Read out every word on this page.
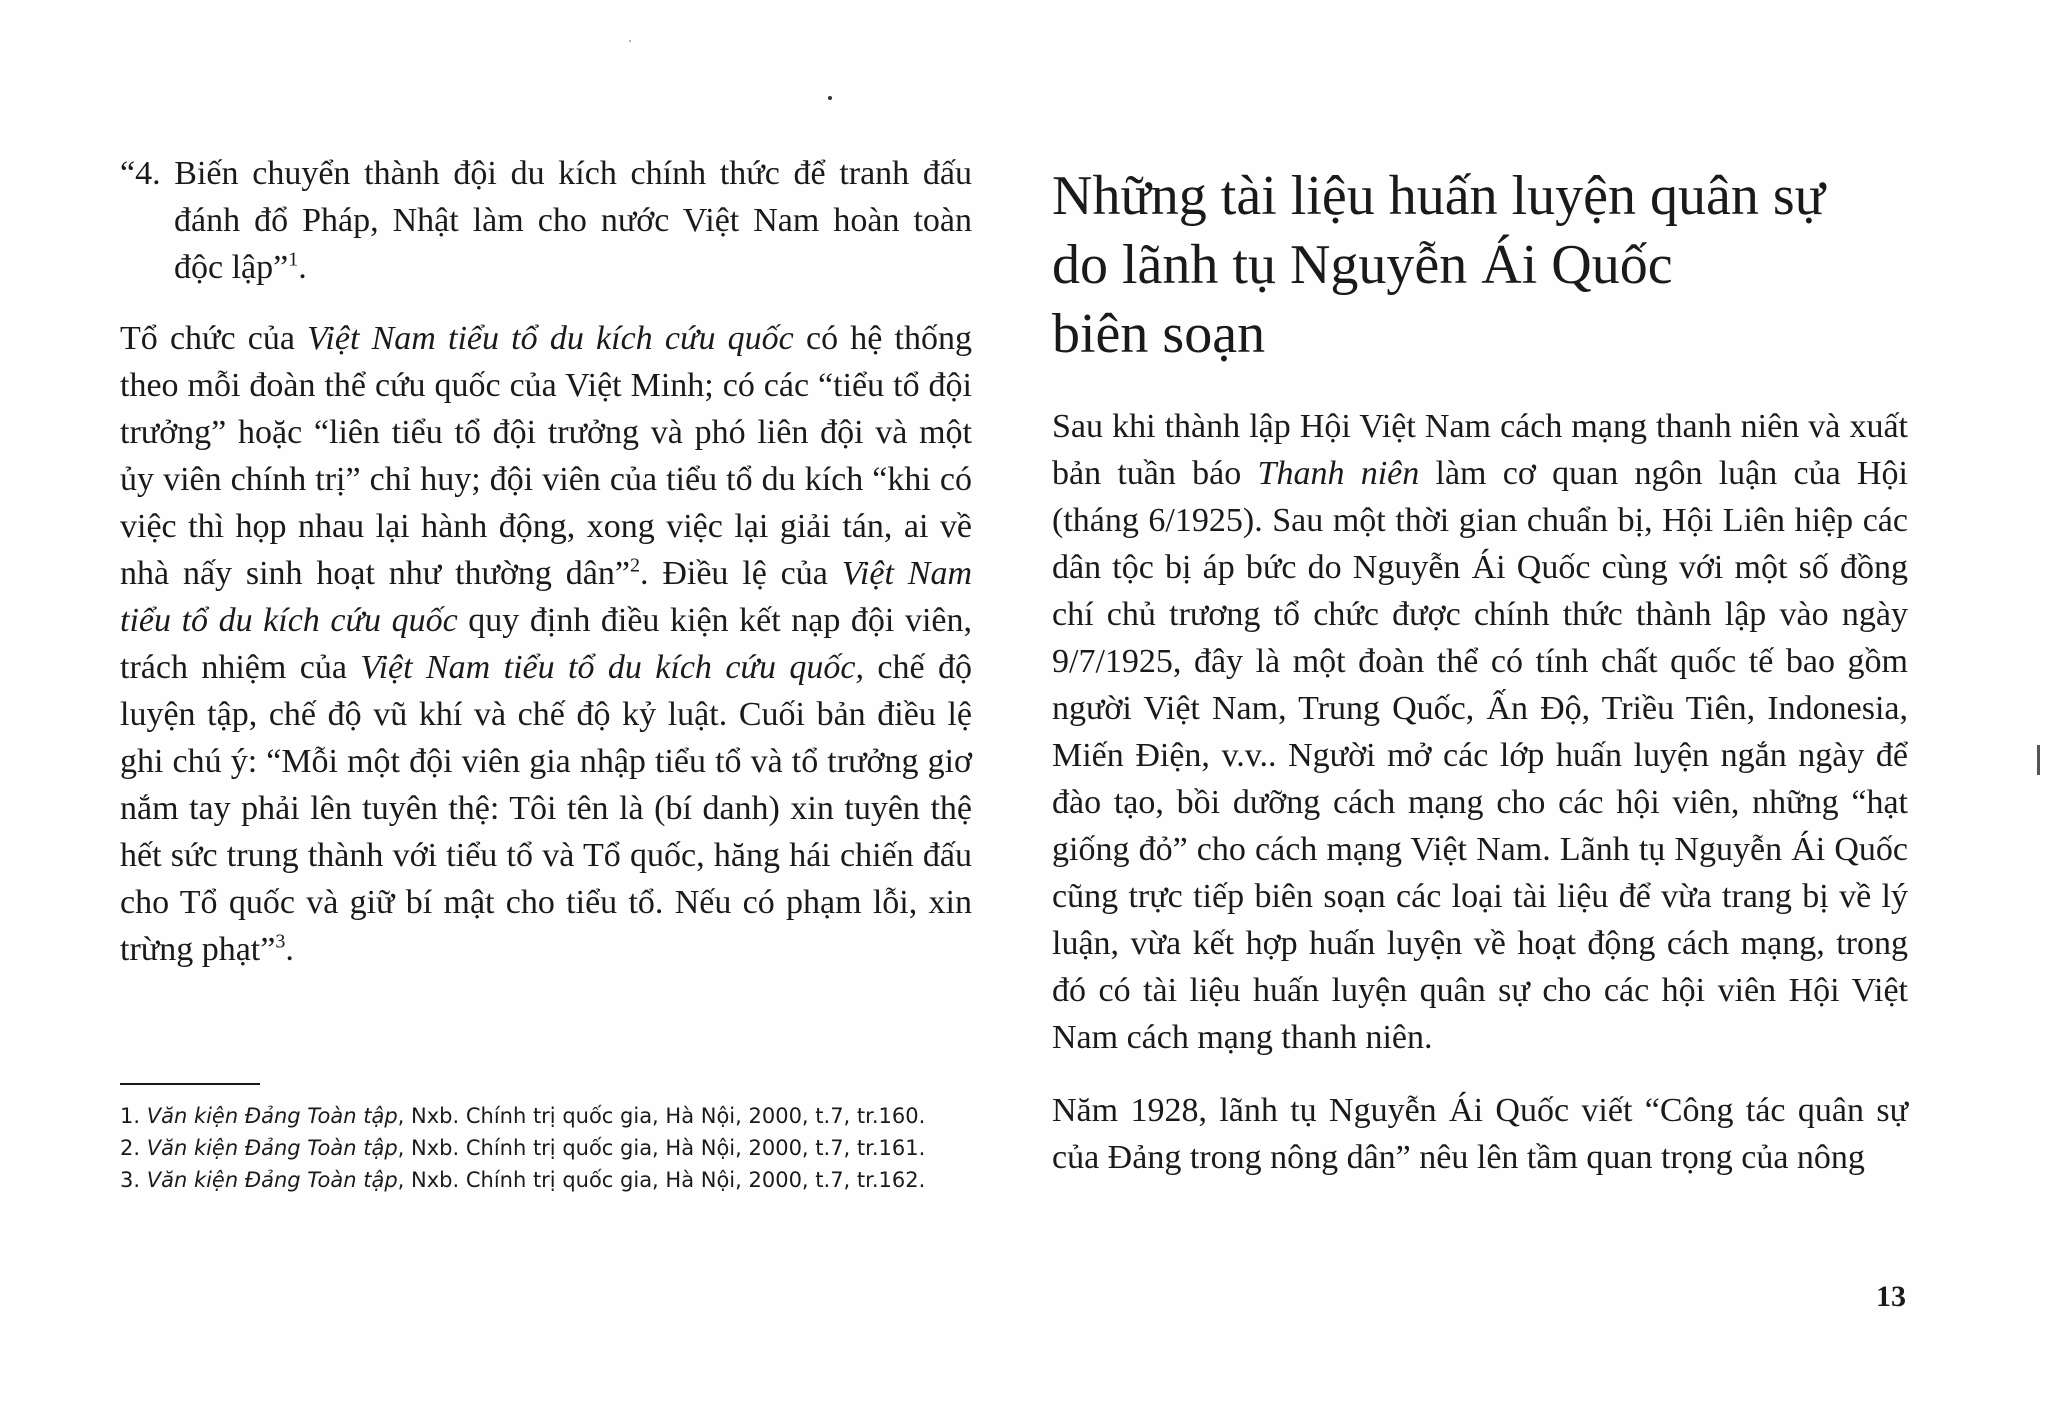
“4. Biến chuyển thành đội du kích chính thức để tranh đấu đánh đổ Pháp, Nhật làm cho nước Việt Nam hoàn toàn độc lập”$^1$.

Tổ chức của Việt Nam tiểu tổ du kích cứu quốc có hệ thống theo mỗi đoàn thể cứu quốc của Việt Minh; có các “tiểu tổ đội trưởng” hoặc “liên tiểu tổ đội trưởng và phó liên đội và một ủy viên chính trị” chỉ huy; đội viên của tiểu tổ du kích “khi có việc thì họp nhau lại hành động, xong việc lại giải tán, ai về nhà nấy sinh hoạt như thường dân”$^2$. Điều lệ của Việt Nam tiểu tổ du kích cứu quốc quy định điều kiện kết nạp đội viên, trách nhiệm của Việt Nam tiểu tổ du kích cứu quốc, chế độ luyện tập, chế độ vũ khí và chế độ kỷ luật. Cuối bản điều lệ ghi chú ý: “Mỗi một đội viên gia nhập tiểu tổ và tổ trưởng giơ nắm tay phải lên tuyên thệ: Tôi tên là (bí danh) xin tuyên thệ hết sức trung thành với tiểu tổ và Tổ quốc, hăng hái chiến đấu cho Tổ quốc và giữ bí mật cho tiểu tổ. Nếu có phạm lỗi, xin trừng phạt”$^3$.

1. Văn kiện Đảng Toàn tập, Nxb. Chính trị quốc gia, Hà Nội, 2000, t.7, tr.160.
2. Văn kiện Đảng Toàn tập, Nxb. Chính trị quốc gia, Hà Nội, 2000, t.7, tr.161.
3. Văn kiện Đảng Toàn tập, Nxb. Chính trị quốc gia, Hà Nội, 2000, t.7, tr.162.
Những tài liệu huấn luyện quân sự
do lãnh tụ Nguyễn Ái Quốc
biên soạn

Sau khi thành lập Hội Việt Nam cách mạng thanh niên và xuất bản tuần báo Thanh niên làm cơ quan ngôn luận của Hội (tháng 6/1925). Sau một thời gian chuẩn bị, Hội Liên hiệp các dân tộc bị áp bức do Nguyễn Ái Quốc cùng với một số đồng chí chủ trương tổ chức được chính thức thành lập vào ngày 9/7/1925, đây là một đoàn thể có tính chất quốc tế bao gồm người Việt Nam, Trung Quốc, Ấn Độ, Triều Tiên, Indonesia, Miến Điện, v.v.. Người mở các lớp huấn luyện ngắn ngày để đào tạo, bồi dưỡng cách mạng cho các hội viên, những “hạt giống đỏ” cho cách mạng Việt Nam. Lãnh tụ Nguyễn Ái Quốc cũng trực tiếp biên soạn các loại tài liệu để vừa trang bị về lý luận, vừa kết hợp huấn luyện về hoạt động cách mạng, trong đó có tài liệu huấn luyện quân sự cho các hội viên Hội Việt Nam cách mạng thanh niên.

Năm 1928, lãnh tụ Nguyễn Ái Quốc viết “Công tác quân sự của Đảng trong nông dân” nêu lên tầm quan trọng của nông

13
